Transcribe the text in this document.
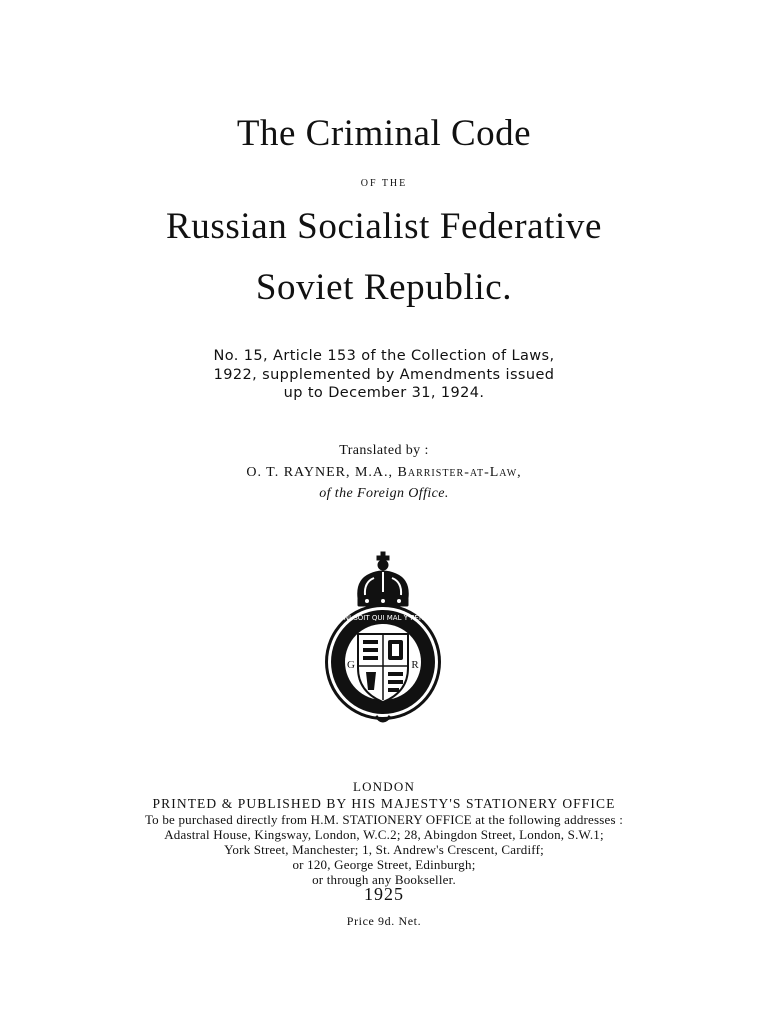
The Criminal Code
OF THE
Russian Socialist Federative
Soviet Republic.
No. 15, Article 153 of the Collection of Laws,
1922, supplemented by Amendments issued
up to December 31, 1924.
Translated by :
O. T. RAYNER, M.A., Barrister-at-Law,
of the Foreign Office.
HONI SOIT QUI MAL Y PENSE
G	R
LONDON
PRINTED & PUBLISHED BY HIS MAJESTY'S STATIONERY OFFICE
To be purchased directly from H.M. STATIONERY OFFICE at the following addresses :
Adastral House, Kingsway, London, W.C.2; 28, Abingdon Street, London, S.W.1;
York Street, Manchester; 1, St. Andrew's Crescent, Cardiff;
or 120, George Street, Edinburgh;
or through any Bookseller.
1925
Price 9d. Net.
